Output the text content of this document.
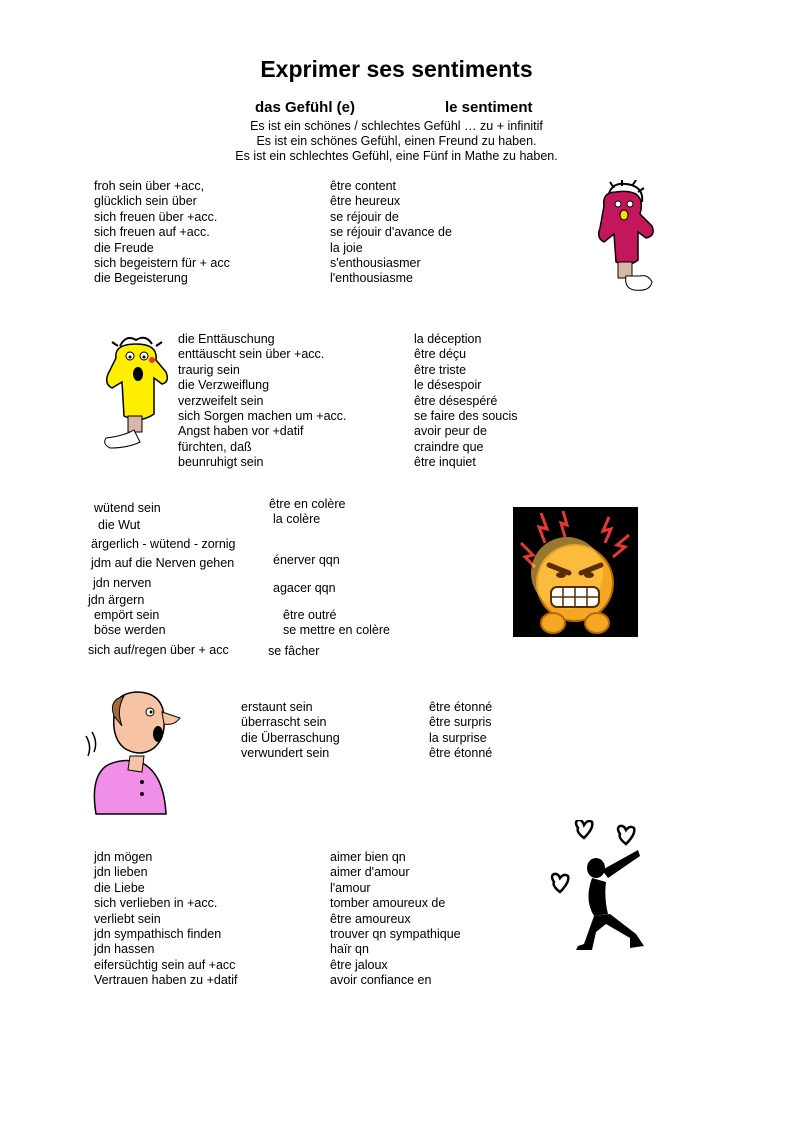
Exprimer ses sentiments
das Gefühl (e)	le sentiment
Es ist ein schönes / schlechtes Gefühl … zu + infinitif
Es ist ein schönes Gefühl, einen Freund zu haben.
Es ist ein schlechtes Gefühl, eine Fünf in Mathe zu haben.
froh sein über +acc,
glücklich sein über
sich freuen über +acc.
sich freuen auf +acc.
die Freude
sich begeistern für + acc
die Begeisterung
être content
être heureux
se réjouir de
se réjouir d'avance de
la joie
s'enthousiasmer
l'enthousiasme
die Enttäuschung
enttäuscht sein über +acc.
traurig sein
die Verzweiflung
verzweifelt sein
sich Sorgen machen um +acc.
Angst haben vor +datif
fürchten, daß
beunruhigt sein
la déception
être déçu
être triste
le désespoir
être désespéré
se faire des soucis
avoir peur de
craindre que
être inquiet
wütend sein
die Wut
ärgerlich - wütend - zornig
jdm auf die Nerven gehen
jdn nerven
jdn ärgern
empört sein
böse werden
sich auf/regen über + acc
être en colère
la colère
énerver qqn
agacer qqn
être outré
se mettre en colère
se fâcher
erstaunt sein
überrascht sein
die Überraschung
verwundert sein
être étonné
être surpris
la surprise
être étonné
jdn mögen
jdn lieben
die Liebe
sich verlieben in +acc.
verliebt sein
jdn sympathisch finden
jdn hassen
eifersüchtig sein auf +acc
Vertrauen haben zu +datif
aimer bien qn
aimer d'amour
l'amour
tomber amoureux de
être amoureux
trouver qn sympathique
haïr qn
être jaloux
avoir confiance en
